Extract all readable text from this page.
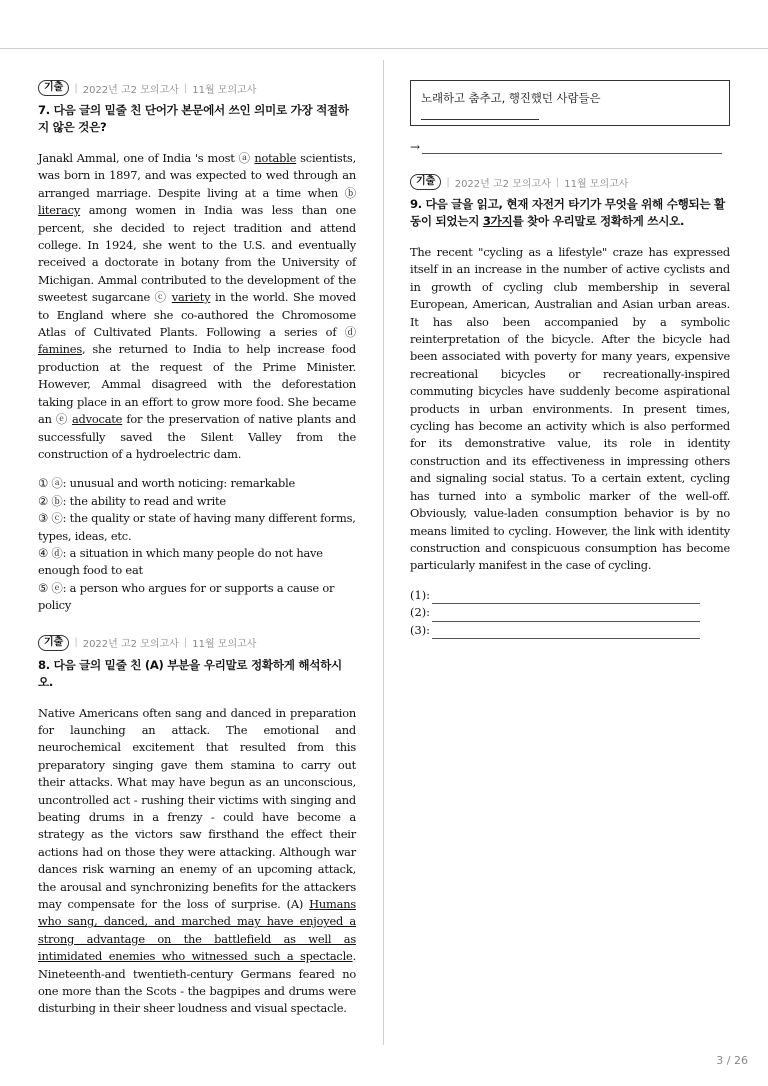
기출	| 2022년 고2 모의고사 | 11월 모의고사
7. 다음 글의 밑줄 친 단어가 본문에서 쓰인 의미로 가장 적절하지 않은 것은?

Janakl Ammal, one of India 's most ⓐ notable scientists, was born in 1897, and was expected to wed through an arranged marriage. Despite living at a time when ⓑ literacy among women in India was less than one percent, she decided to reject tradition and attend college. In 1924, she went to the U.S. and eventually received a doctorate in botany from the University of Michigan. Ammal contributed to the development of the sweetest sugarcane ⓒ variety in the world. She moved to England where she co-authored the Chromosome Atlas of Cultivated Plants. Following a series of ⓓ famines, she returned to India to help increase food production at the request of the Prime Minister. However, Ammal disagreed with the deforestation taking place in an effort to grow more food. She became an ⓔ advocate for the preservation of native plants and successfully saved the Silent Valley from the construction of a hydroelectric dam.

① ⓐ: unusual and worth noticing: remarkable

② ⓑ: the ability to read and write

③ ⓒ: the quality or state of having many different forms, types, ideas, etc.

④ ⓓ: a situation in which many people do not have enough food to eat

⑤ ⓔ: a person who argues for or supports a cause or policy

기출	| 2022년 고2 모의고사 | 11월 모의고사
8. 다음 글의 밑줄 친 (A) 부분을 우리말로 정확하게 해석하시오.

Native Americans often sang and danced in preparation for launching an attack. The emotional and neurochemical excitement that resulted from this preparatory singing gave them stamina to carry out their attacks. What may have begun as an unconscious, uncontrolled act - rushing their victims with singing and beating drums in a frenzy - could have become a strategy as the victors saw firsthand the effect their actions had on those they were attacking. Although war dances risk warning an enemy of an upcoming attack, the arousal and synchronizing benefits for the attackers may compensate for the loss of surprise. (A) Humans who sang, danced, and marched may have enjoyed a strong advantage on the battlefield as well as intimidated enemies who witnessed such a spectacle. Nineteenth-and twentieth-century Germans feared no one more than the Scots - the bagpipes and drums were disturbing in their sheer loudness and visual spectacle.

노래하고 춤추고, 행진했던 사람들은
→
기출	| 2022년 고2 모의고사 | 11월 모의고사
9. 다음 글을 읽고, 현재 자전거 타기가 무엇을 위해 수행되는 활동이 되었는지 3가지를 찾아 우리말로 정확하게 쓰시오.

The recent "cycling as a lifestyle" craze has expressed itself in an increase in the number of active cyclists and in growth of cycling club membership in several European, American, Australian and Asian urban areas. It has also been accompanied by a symbolic reinterpretation of the bicycle. After the bicycle had been associated with poverty for many years, expensive recreational bicycles or recreationally-inspired commuting bicycles have suddenly become aspirational products in urban environments. In present times, cycling has become an activity which is also performed for its demonstrative value, its role in identity construction and its effectiveness in impressing others and signaling social status. To a certain extent, cycling has turned into a symbolic marker of the well-off. Obviously, value-laden consumption behavior is by no means limited to cycling. However, the link with identity construction and conspicuous consumption has become particularly manifest in the case of cycling.

(1):
(2):
(3):
3 / 26
